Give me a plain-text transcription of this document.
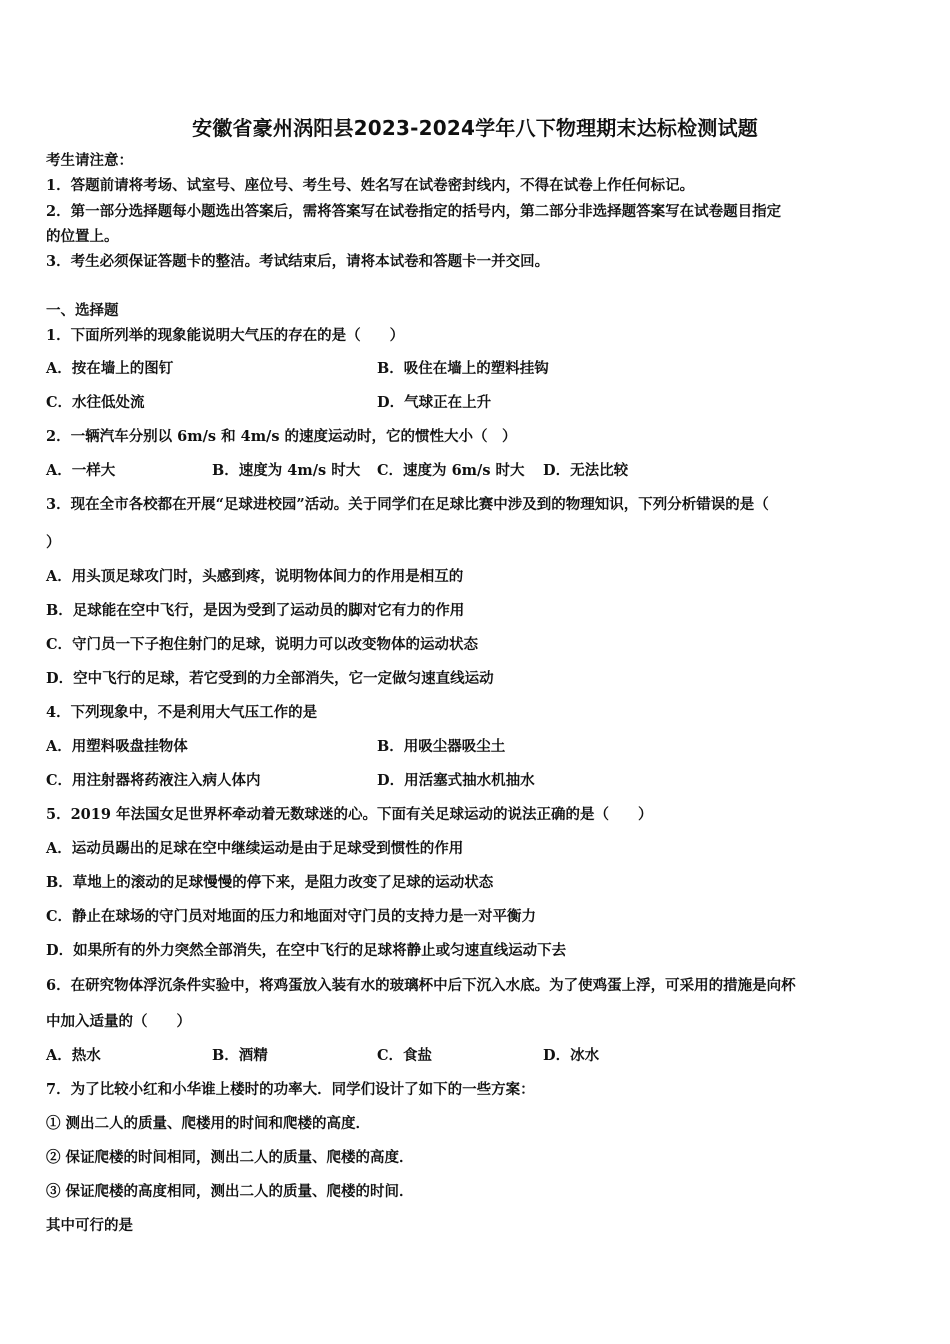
安徽省豪州涡阳县2023-2024学年八下物理期末达标检测试题
考生请注意：
1．答题前请将考场、试室号、座位号、考生号、姓名写在试卷密封线内，不得在试卷上作任何标记。
2．第一部分选择题每小题选出答案后，需将答案写在试卷指定的括号内，第二部分非选择题答案写在试卷题目指定
的位置上。
3．考生必须保证答题卡的整洁。考试结束后，请将本试卷和答题卡一并交回。
一、选择题
1．下面所列举的现象能说明大气压的存在的是（　　）
A．按在墙上的图钉	B．吸住在墙上的塑料挂钩
C．水往低处流	D．气球正在上升
2．一辆汽车分别以 6m/s 和 4m/s 的速度运动时，它的惯性大小（　）
A．一样大	B．速度为 4m/s 时大 C．速度为 6m/s 时大 D．无法比较
3．现在全市各校都在开展“足球进校园”活动。关于同学们在足球比赛中涉及到的物理知识，下列分析错误的是（
）
A．用头顶足球攻门时，头感到疼，说明物体间力的作用是相互的
B．足球能在空中飞行，是因为受到了运动员的脚对它有力的作用
C．守门员一下子抱住射门的足球，说明力可以改变物体的运动状态
D．空中飞行的足球，若它受到的力全部消失，它一定做匀速直线运动
4．下列现象中，不是利用大气压工作的是
A．用塑料吸盘挂物体	B．用吸尘器吸尘土
C．用注射器将药液注入病人体内	D．用活塞式抽水机抽水
5．2019 年法国女足世界杯牵动着无数球迷的心。下面有关足球运动的说法正确的是（　　）
A．运动员踢出的足球在空中继续运动是由于足球受到惯性的作用
B．草地上的滚动的足球慢慢的停下来，是阻力改变了足球的运动状态
C．静止在球场的守门员对地面的压力和地面对守门员的支持力是一对平衡力
D．如果所有的外力突然全部消失，在空中飞行的足球将静止或匀速直线运动下去
6．在研究物体浮沉条件实验中，将鸡蛋放入装有水的玻璃杯中后下沉入水底。为了使鸡蛋上浮，可采用的措施是向杯
中加入适量的（　　）
A．热水	B．酒精	C．食盐	D．冰水
7．为了比较小红和小华谁上楼时的功率大．同学们设计了如下的一些方案：
① 测出二人的质量、爬楼用的时间和爬楼的高度．
② 保证爬楼的时间相同，测出二人的质量、爬楼的高度．
③ 保证爬楼的高度相同，测出二人的质量、爬楼的时间．
其中可行的是
